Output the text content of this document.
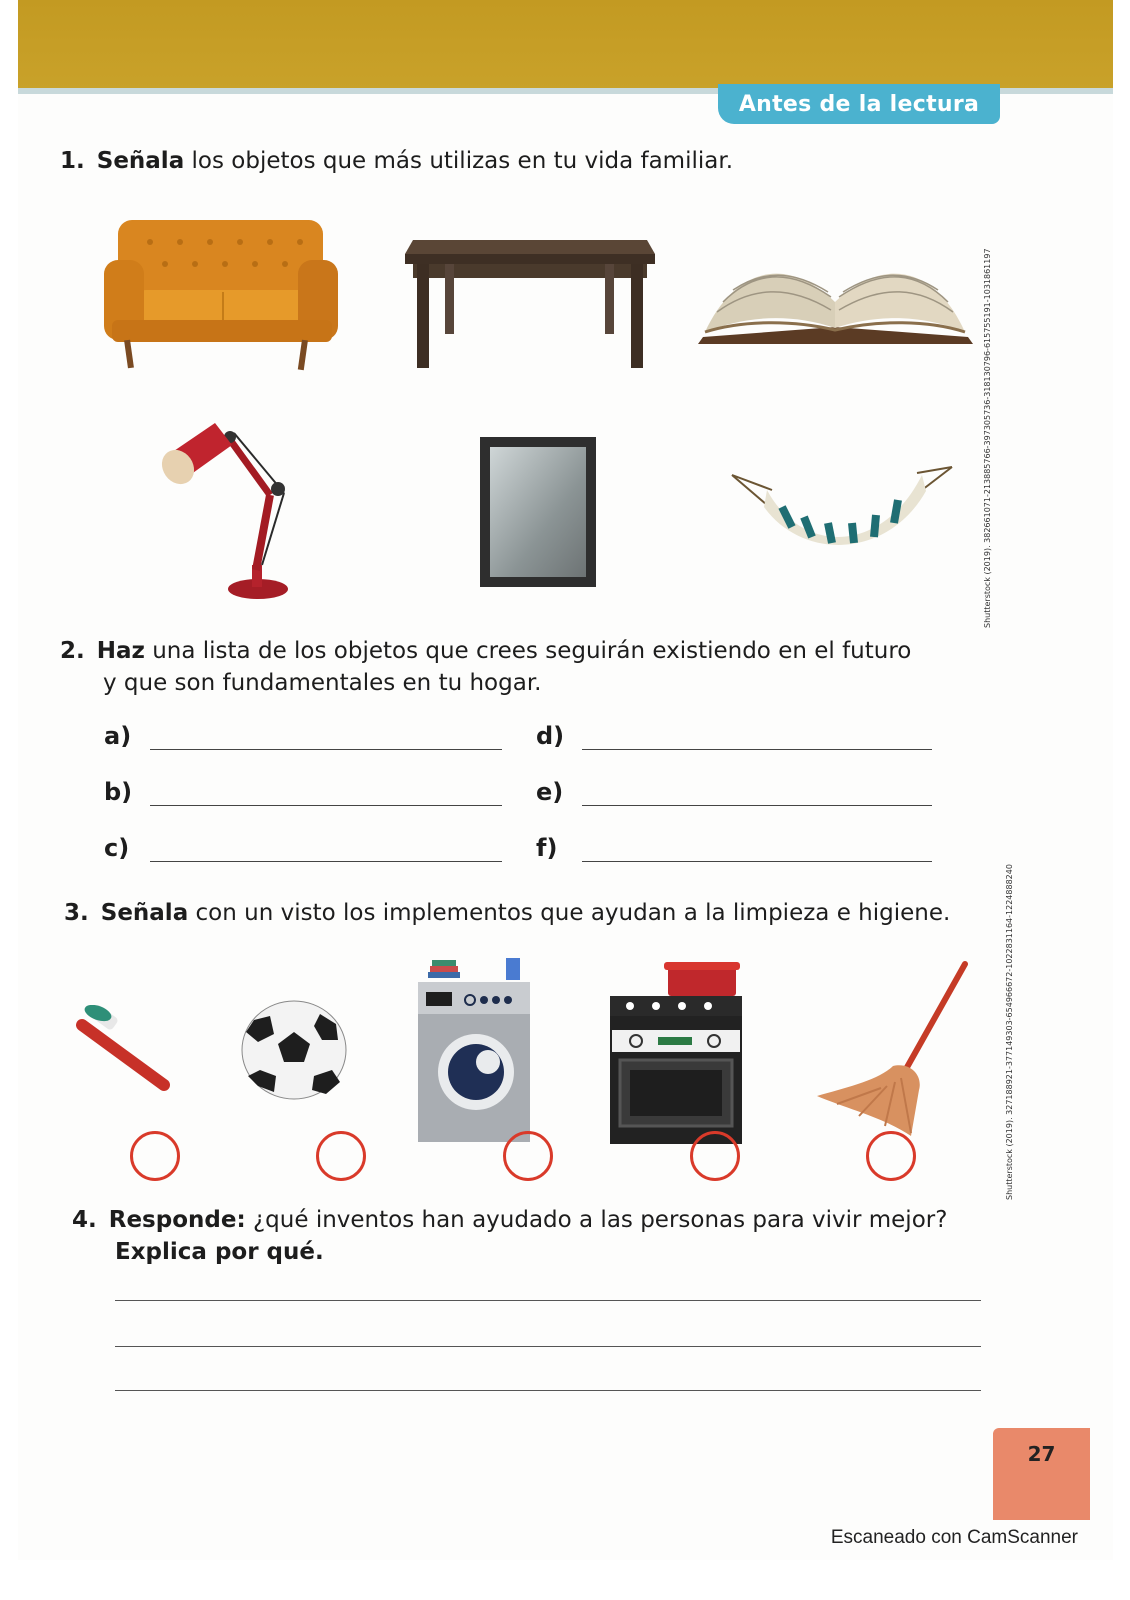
Antes de la lectura
1. Señala los objetos que más utilizas en tu vida familiar.
Shutterstock (2019). 382661071-213885766-397305736-318130796-615755191-1031861197
2. Haz una lista de los objetos que crees seguirán existiendo en el futuro
y que son fundamentales en tu hogar.
a)
b)
c)
d)
e)
f)
3. Señala con un visto los implementos que ayudan a la limpieza e higiene.	Shutterstock (2019). 327188921-377149303-654966672-1022831164-1224888240
4. Responde: ¿qué inventos han ayudado a las personas para vivir mejor?
Explica por qué.
27
Escaneado con CamScanner
